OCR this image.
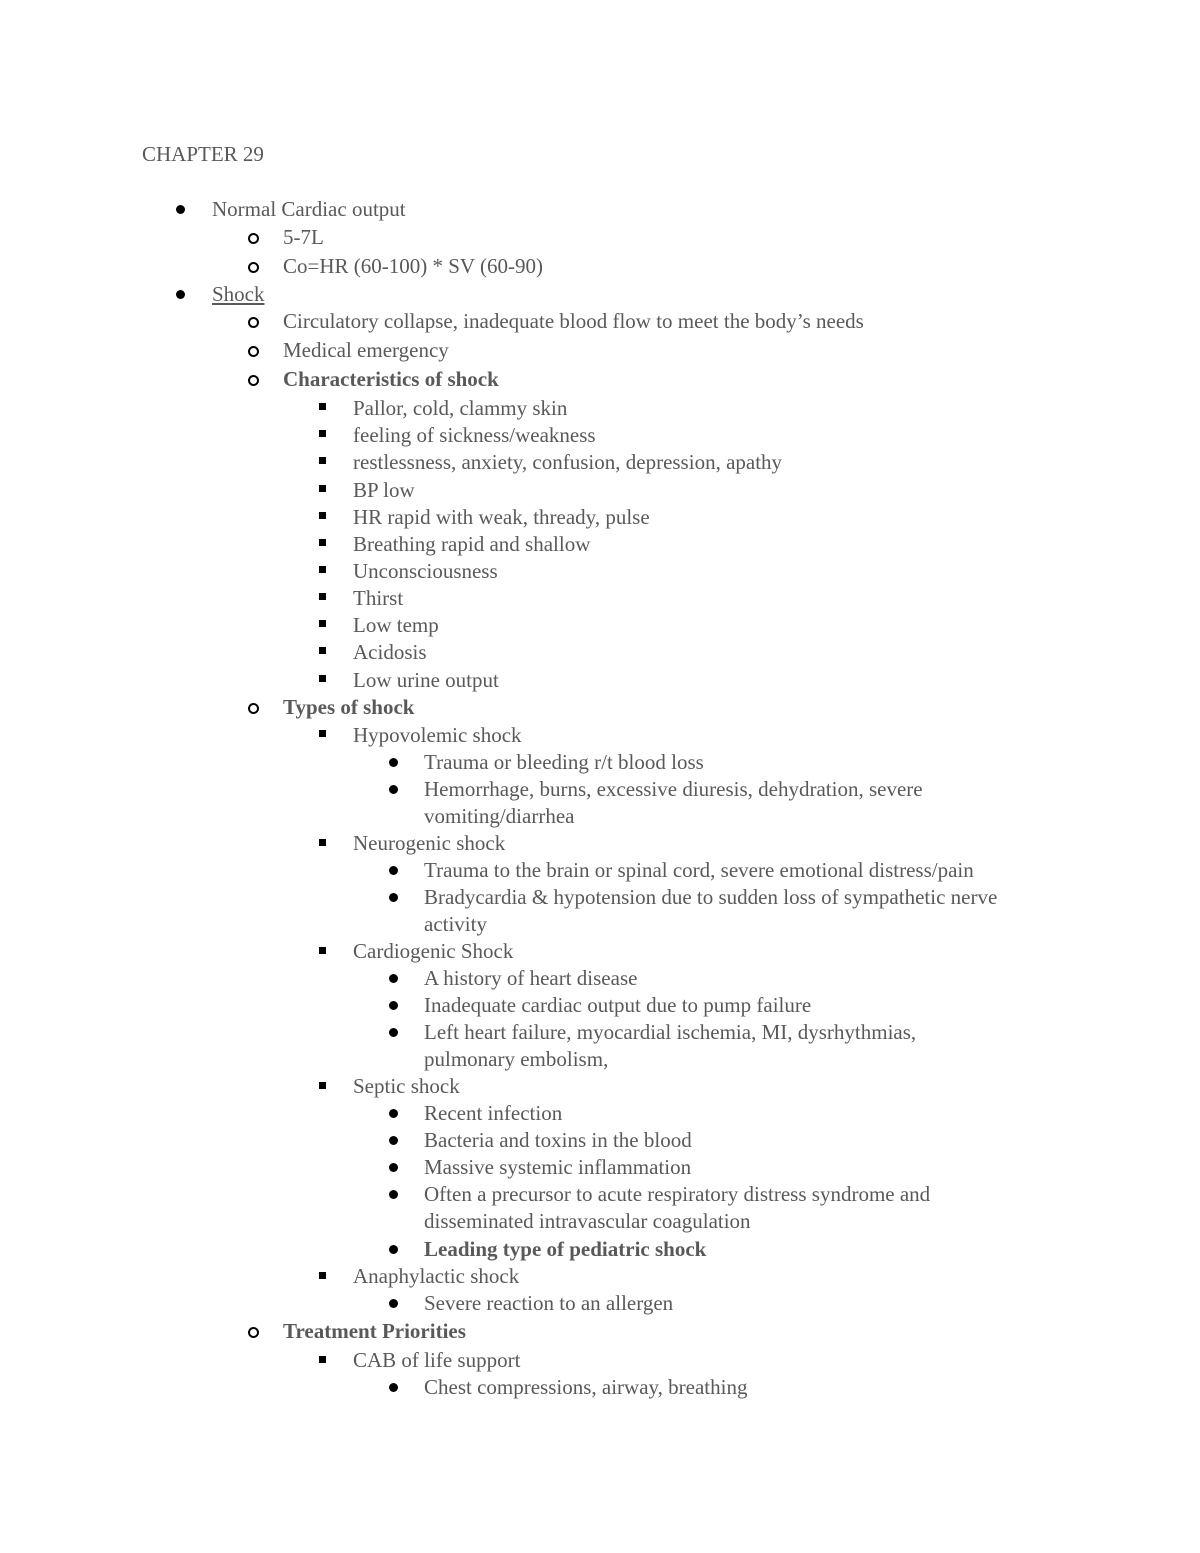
CHAPTER 29
Normal Cardiac output
5-7L
Co=HR (60-100) * SV (60-90)
Shock
Circulatory collapse, inadequate blood flow to meet the body’s needs
Medical emergency
Characteristics of shock
Pallor, cold, clammy skin
feeling of sickness/weakness
restlessness, anxiety, confusion, depression, apathy
BP low
HR rapid with weak, thready, pulse
Breathing rapid and shallow
Unconsciousness
Thirst
Low temp
Acidosis
Low urine output
Types of shock
Hypovolemic shock
Trauma or bleeding r/t blood loss
Hemorrhage, burns, excessive diuresis, dehydration, severe vomiting/diarrhea
Neurogenic shock
Trauma to the brain or spinal cord, severe emotional distress/pain
Bradycardia & hypotension due to sudden loss of sympathetic nerve activity
Cardiogenic Shock
A history of heart disease
Inadequate cardiac output due to pump failure
Left heart failure, myocardial ischemia, MI, dysrhythmias, pulmonary embolism,
Septic shock
Recent infection
Bacteria and toxins in the blood
Massive systemic inflammation
Often a precursor to acute respiratory distress syndrome and disseminated intravascular coagulation
Leading type of pediatric shock
Anaphylactic shock
Severe reaction to an allergen
Treatment Priorities
CAB of life support
Chest compressions, airway, breathing
